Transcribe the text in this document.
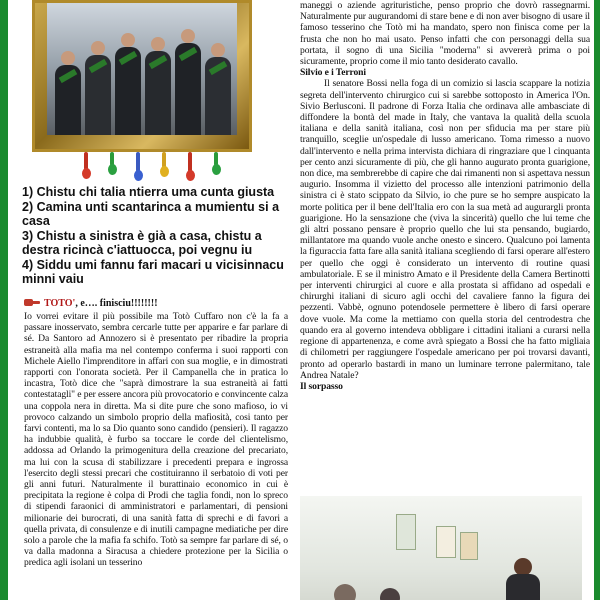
1) Chistu chi talia ntierra uma cunta giusta

2) Camina unti scantarinca a mumientu si a casa

3) Chistu a sinistra è già a casa, chistu a destra ricincà c'iattuocca, poi vegnu iu

4) Siddu umi fannu fari macari u vicisinnacu minni vaiu

TOTO', e…. finisciu!!!!!!!!
Io vorrei evitare il più possibile ma Totò Cuffaro non c'è la fa a passare inosservato, sembra cercarle tutte per apparire e far parlare di sé. Da Santoro ad Annozero si è presentato per ribadire la propria estraneità alla mafia ma nel contempo conferma i suoi rapporti con Michele Aiello l'imprenditore in affari con sua moglie, e in dimostrati rapporti con l'onorata società. Per il Campanella che in pratica lo incastra, Totò dice che "saprà dimostrare la sua estraneità ai fatti contestatagli" e per essere ancora più provocatorio e convincente calza una coppola nera in diretta. Ma si dite pure che sono mafioso, io vi provoco calzando un simbolo proprio della mafiosità, cosi tanto per farvi contenti, ma lo sa Dio quanto sono candido (pensieri). Il ragazzo ha indubbie qualità, è furbo sa toccare le corde del clientelismo, addossa ad Orlando la primogenitura della creazione del precariato, ma lui con la scusa di stabilizzare i precedenti prepara e ingrossa l'esercito degli stessi precari che costituiranno il serbatoio di voti per gli anni futuri. Naturalmente il burattinaio economico in cui è precipitata la regione è colpa di Prodi che taglia fondi, non lo spreco di stipendi faraonici di amministratori e parlamentari, di pensioni milionarie dei burocrati, di una sanità fatta di sprechi e di favori a quella privata, di consulenze e di inutili campagne mediatiche per dire solo a parole che la mafia fa schifo. Totò sa sempre far parlare di sé, o va dalla madonna a Siracusa a chiedere protezione per la Sicilia o predica agli isolani un tesserino

maneggi o aziende agrituristiche, penso proprio che dovrò rassegnarmi. Naturalmente pur augurandomi di stare bene e di non aver bisogno di usare il famoso tesserino che Totò mi ha mandato, spero non finisca come per la frusta che non ho mai usato. Penso infatti che con personaggi della sua portata, il sogno di una Sicilia "moderna" si avvererà prima o poi sicuramente, proprio come il mio tanto desiderato cavallo.

Silvio e i Terroni

Il senatore Bossi nella foga di un comizio si lascia scappare la notizia segreta dell'intervento chirurgico cui si sarebbe sottoposto in America l'On. Sivio Berlusconi. Il padrone di Forza Italia che ordinava alle ambasciate di diffondere la bontà del made in Italy, che vantava la qualità della scuola italiana e della sanità italiana, così non per sfiducia ma per stare più tranquillo, sceglie un'ospedale di lusso americano. Toma rimesso a nuovo dall'intervento e nella prima intervista dichiara di ringraziare que l cinquanta per cento anzi sicuramente di più, che gli hanno augurato pronta guarigione, non dice, ma sembrerebbe di capire che dai rimanenti non si aspettava nessun augurio. Insomma il vizietto del processo alle intenzioni patrimonio della sinistra ci è stato scippato da Silvio, io che pure se ho sempre auspicato la morte politica per il bene dell'Italia ero con la sua metà ad augurargli pronta guarigione. Ho la sensazione che (viva la sincerità) quello che lui teme che gli altri possano pensare è proprio quello che lui sta pensando, bugiardo, millantatore ma quando vuole anche onesto e sincero. Qualcuno poi lamenta la figuraccia fatta fare alla sanità italiana scegliendo di farsi operare all'estero per quello che oggi è considerato un intervento di routine quasi ambulatoriale. E se il ministro Amato e il Presidente della Camera Bertinotti per interventi chirurgici al cuore e alla prostata si affidano ad ospedali e chirurghi italiani di sicuro agli occhi del cavaliere fanno la figura dei pezzenti. Vabbè, ognuno potendosele permettere è libero di farsi operare dove vuole. Ma come la mettiamo con quella storia del centrodestra che quando era al governo intendeva obbligare i cittadini italiani a curarsi nella regione di appartenenza, e come avrà spiegato a Bossi che ha fatto migliaia di chilometri per raggiungere l'ospedale americano per poi trovarsi davanti, pronto ad operarlo bastardi in mano un luminare terrone palermitano, tale Andrea Natale?

Il sorpasso
